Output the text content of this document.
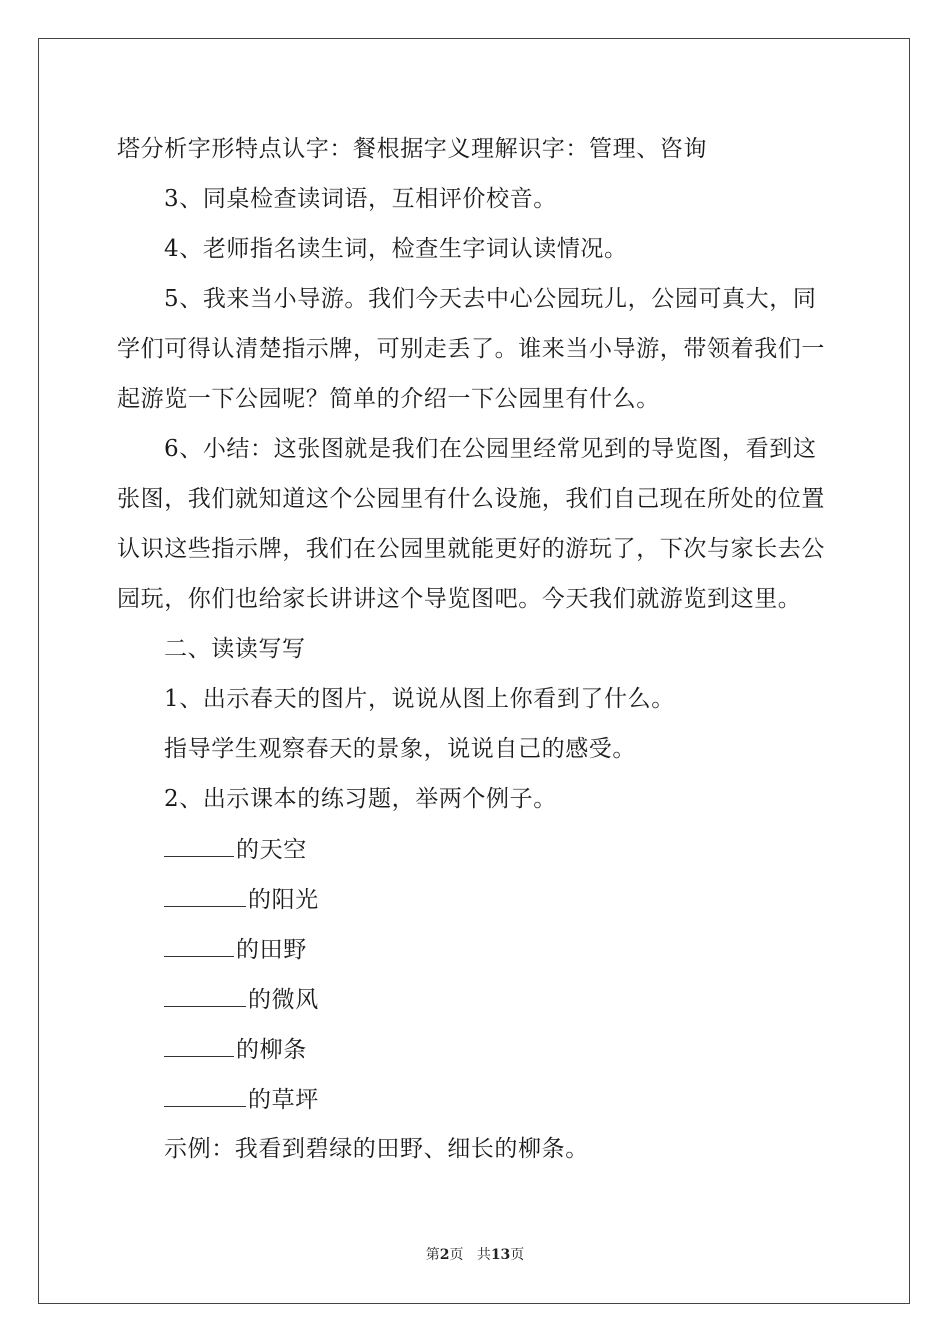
塔分析字形特点认字：餐根据字义理解识字：管理、咨询
3、同桌检查读词语，互相评价校音。
4、老师指名读生词，检查生字词认读情况。
5、我来当小导游。我们今天去中心公园玩儿，公园可真大，同
学们可得认清楚指示牌，可别走丢了。谁来当小导游，带领着我们一
起游览一下公园呢？简单的介绍一下公园里有什么。
6、小结：这张图就是我们在公园里经常见到的导览图，看到这
张图，我们就知道这个公园里有什么设施，我们自己现在所处的位置
认识这些指示牌，我们在公园里就能更好的游玩了，下次与家长去公
园玩，你们也给家长讲讲这个导览图吧。今天我们就游览到这里。
二、读读写写
1、出示春天的图片，说说从图上你看到了什么。
指导学生观察春天的景象，说说自己的感受。
2、出示课本的练习题，举两个例子。
的天空
的阳光
的田野
的微风
的柳条
的草坪
示例：我看到碧绿的田野、细长的柳条。
第2页 共13页
